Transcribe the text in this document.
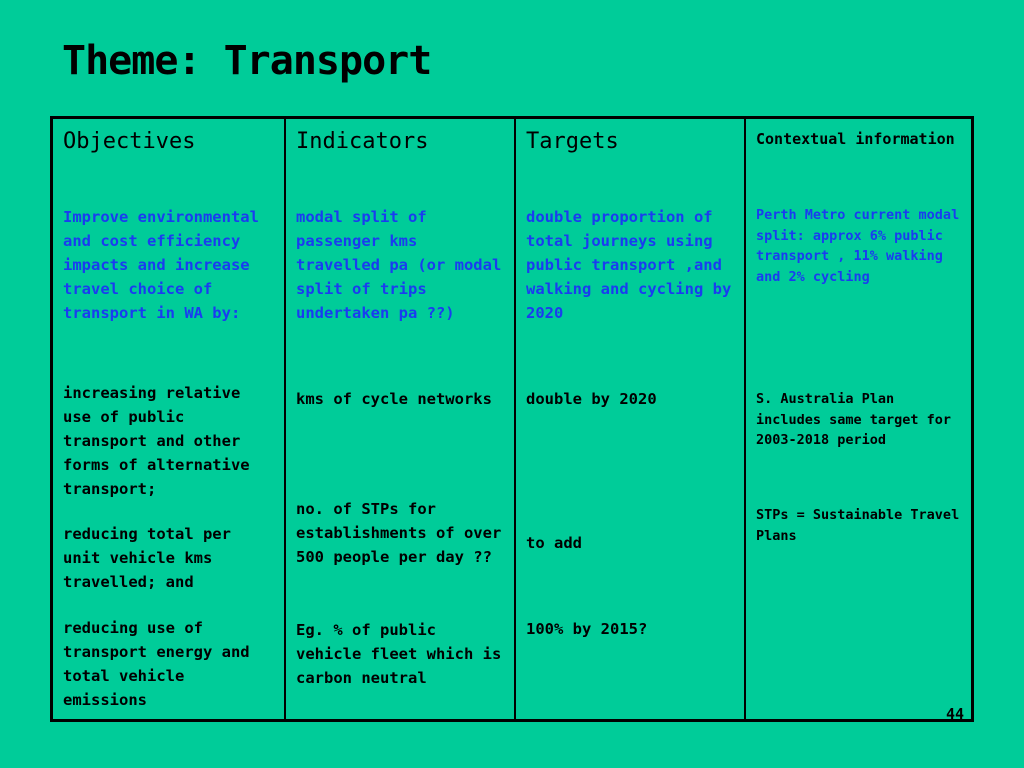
Theme: Transport
Objectives
Improve environmental and cost efficiency impacts and increase travel choice of transport in WA by:
increasing relative use of public transport and other forms of alternative transport;
reducing total per unit vehicle kms travelled; and
reducing use of transport energy and total vehicle emissions
Indicators
modal split of passenger kms travelled pa (or modal split of trips undertaken pa ??)
kms of cycle networks
no. of STPs for establishments of over 500 people per day ??
Eg. % of public vehicle fleet which is carbon neutral
Targets
double proportion of total journeys using public transport ,and walking and cycling by 2020
double by 2020
to add
100% by 2015?
Contextual information
Perth Metro current modal split: approx 6% public transport , 11% walking and 2% cycling
S. Australia Plan includes same target for 2003-2018 period
STPs = Sustainable Travel Plans
44
